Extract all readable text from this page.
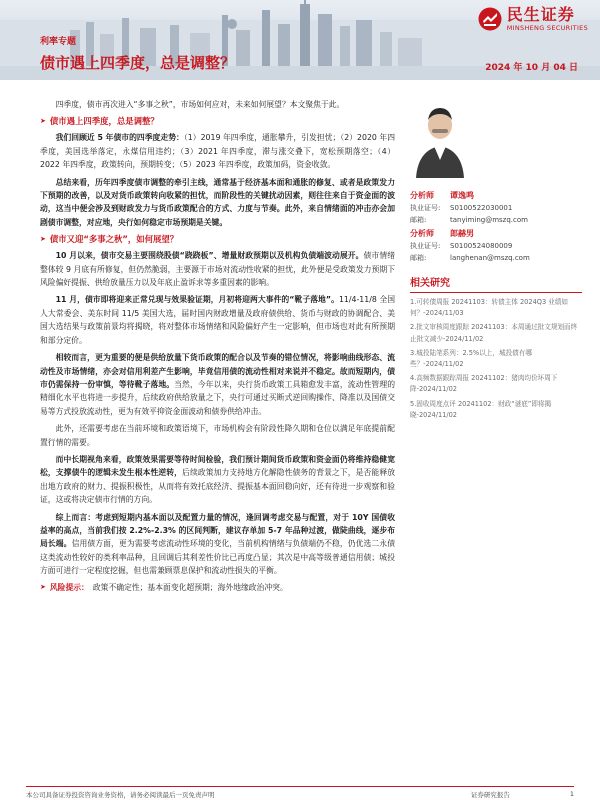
民生证券
MINSHENG SECURITIES
利率专题
债市遇上四季度，总是调整？	2024 年 10 月 04 日

四季度，债市再次进入“多事之秋”，市场如何应对，未来如何展望？本文聚焦于此。

➤ 债市遇上四季度，总是调整？

我们回顾近 5 年债市的四季度走势：（1）2019 年四季度，通胀攀升，引发担忧；（2）2020 年四季度，美国选举落定，永煤信用违约；（3）2021 年四季度，滞与涨交叠下，宽松预期落空；（4）2022 年四季度，政策转向，预期转变；（5）2023 年四季度，政策加码，资金收敛。

总结来看，历年四季度债市调整的牵引主线，通常基于经济基本面和通胀的修复、或者是政策发力下预期的改善，以及对货币政策转向收紧的担忧，而阶段性的关键扰动因素，则往往来自于资金面的波动，这当中便会涉及到财政发力与货币政策配合的方式、力度与节奏。此外，来自情绪面的冲击亦会加剧债市调整，对应地，央行如何稳定市场预期是关键。

➤ 债市又迎“多事之秋”，如何展望？

10 月以来，债市交易主要围绕股债“跷跷板”、增量财政预期以及机构负债端波动展开。债市情绪整体较 9 月底有所修复，但仍然脆弱，主要源于市场对流动性收紧的担忧，此外便是受政策发力预期下风险偏好提振、供给放量压力以及年底止盈诉求等多重因素的影响。

11 月，债市即将迎来正常兑现与效果验证期，月初将迎两大事件的“靴子落地”。11/4-11/8 全国人大常委会、美东时间 11/5 美国大选，届时国内财政增量及政府债供给、货币与财政的协调配合、美国大选结果与政策前景均将揭晓，将对整体市场情绪和风险偏好产生一定影响，但市场也对此有所预期和部分定价。

相较而言，更为重要的便是供给放量下货币政策的配合以及节奏的错位情况，将影响曲线形态、流动性及市场情绪，亦会对信用利差产生影响，毕竟信用债的流动性相对来说并不稳定。故而短期内，债市仍需保持一份审慎，等待靴子落地。当然，今年以来，央行货币政策工具箱愈发丰富，流动性管理的精细化水平也将进一步提升，后续政府供给放量之下，央行可通过买断式逆回购操作、降准以及国债交易等方式投放流动性，更为有效平抑资金面波动和债券供给冲击。

此外，还需要考虑在当前环境和政策语境下，市场机构会有阶段性降久期和仓位以满足年底提前配置行情的需要。

而中长期视角来看，政策效果需要等待时间检验，我们预计期间货币政策和资金面仍将维持稳健宽松，支撑债牛的逻辑未发生根本性逆转，后续政策加力支持地方化解隐性债务的背景之下，是否能释放出地方政府的财力、提振积极性，从而将有效托底经济、提振基本面回稳向好，还有待进一步观察和验证，这或将决定债市行情的方向。

综上而言：考虑到短期内基本面以及配置力量的情况，逢回调考虑交易与配置，对于 10Y 国债收益率的高点，当前我们按 2.2%-2.3% 的区间判断，建议存单加 5-7 年品种过渡，做陡曲线，逐步布局长端。信用债方面，更为需要考虑流动性环境的变化，当前机构情绪与负债端仍不稳，仍优选二永债这类流动性较好的类利率品种，且回调后其利差性价比已再度凸显；其次是中高等级普通信用债；城投方面可进行一定程度挖掘，但也需兼顾票息保护和流动性损失的平衡。

➤ 风险提示： 政策不确定性；基本面变化超预期；海外地缘政治冲突。
分析师	谭逸鸣
执业证号:	S0100522030001
邮箱:	tanyiming@mszq.com
分析师	郎赫男
执业证号:	S0100524080009
邮箱:	langhenan@mszq.com
相关研究
1.可转债周报 20241103：转债主体 2024Q3 业绩如何？-2024/11/03
2.批文审核周度跟踪 20241103：本周通过批文规划而终止批文减少-2024/11/02
3.城投陆笔系列：2.5%以上，城投债有哪些？-2024/11/02
4.高频数据跟踪周报 20241102：猪肉均价环周下降-2024/11/02
5.固收周度点评 20241102：财政“谜底”即将揭晓-2024/11/02
本公司具备证券投资咨询业务资格，请务必阅读最后一页免责声明	证券研究报告	1
